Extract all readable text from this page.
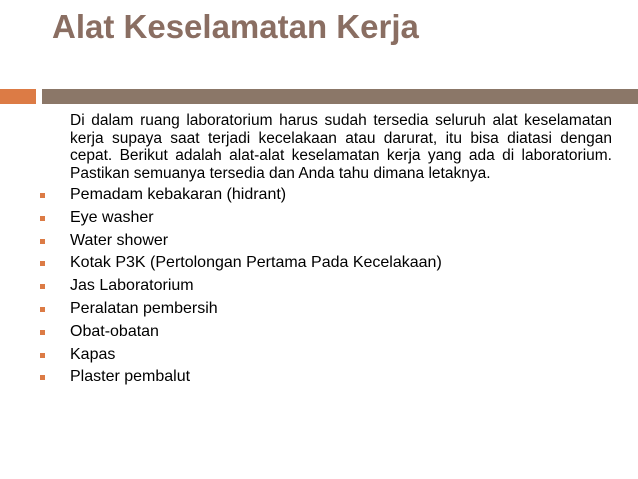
Alat Keselamatan Kerja

Di dalam ruang laboratorium harus sudah tersedia seluruh alat keselamatan kerja supaya saat terjadi kecelakaan atau darurat, itu bisa diatasi dengan cepat. Berikut adalah alat-alat keselamatan kerja yang ada di laboratorium. Pastikan semuanya tersedia dan Anda tahu dimana letaknya.

Pemadam kebakaran (hidrant)
Eye washer
Water shower
Kotak P3K (Pertolongan Pertama Pada Kecelakaan)
Jas Laboratorium
Peralatan pembersih
Obat-obatan
Kapas
Plaster pembalut
